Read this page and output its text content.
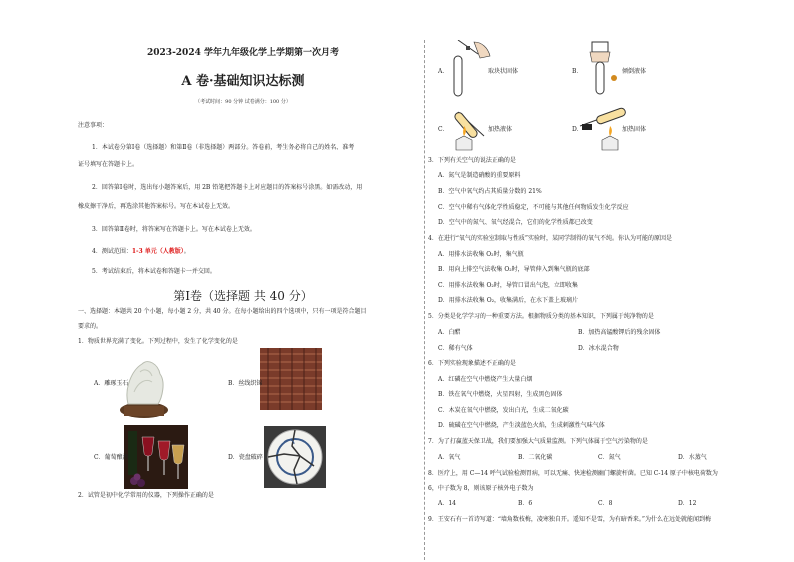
2023-2024 学年九年级化学上学期第一次月考
A 卷·基础知识达标测
（考试时间：90 分钟 试卷满分：100 分）
注意事项：
1．本试卷分第Ⅰ卷（选择题）和第Ⅱ卷（非选择题）两部分。答卷前，考生务必将自己的姓名、准考
证号填写在答题卡上。
2．回答第Ⅰ卷时，选出每小题答案后，用 2B 铅笔把答题卡上对应题目的答案标号涂黑。如需改动，用
橡皮擦干净后，再选涂其他答案标号。写在本试卷上无效。
3．回答第Ⅱ卷时，将答案写在答题卡上。写在本试卷上无效。
4．测试范围：1-3 单元（人教版）。
5．考试结束后，将本试卷和答题卡一并交回。
第Ⅰ卷（选择题 共 40 分）
一、选择题：本题共 20 个小题，每小题 2 分，共 40 分。在每小题给出的四个选项中，只有一项是符合题目
要求的。
1．物质世界充满了变化。下列过程中，发生了化学变化的是
A．雕琢玉石	B．丝线织锦
C．葡萄酿酒	D．瓷盘破碎
2．试管是初中化学常用的仪器，下列操作正确的是
A．	取块状固体	B．	倾倒液体
C．	加热液体	D．	加热固体
3．下列有关空气的说法正确的是
A．氮气是制造硝酸的重要原料
B．空气中氧气约占其质量分数的 21%
C．空气中稀有气体化学性质稳定，不可能与其他任何物质发生化学反应
D．空气中的氮气、氧气经混合，它们的化学性质都已改变
4．在进行“氧气的实验室制取与性质”实验时，某同学制得的氧气不纯。你认为可能的原因是
A．用排水法收集 O₂时，集气瓶
B．用向上排空气法收集 O₂时，导管伸入到集气瓶的底部
C．用排水法收集 O₂时，导管口冒出气泡，立即收集
D．用排水法收集 O₂，收集满后，在水下盖上玻璃片
5．分类是化学学习的一种重要方法。根据物质分类的基本知识，下列属于纯净物的是
A．白醋	B．加热高锰酸钾后的残余固体
C．稀有气体	D．冰水混合物
6．下列实验现象描述不正确的是
A．红磷在空气中燃烧产生大量白烟
B．铁在氧气中燃烧，火星四射，生成黑色固体
C．木炭在氧气中燃烧，发出白光，生成二氧化碳
D．硫磺在空气中燃烧，产生淡蓝色火焰，生成刺激性气味气体
7．为了打赢蓝天保卫战，我们要加强大气质量监测。下列气体属于空气污染物的是
A．氧气	B．二氧化碳	C．氮气	D．水蒸气
8．医疗上，用 C—14 呼气试验检测胃病，可以无痛、快速检测幽门螺旋杆菌。已知 C-14 原子中核电荷数为
6，中子数为 8，则该原子核外电子数为
A．14	B．6	C．8	D．12
9．王安石有一首诗写道：“墙角数枝梅，凌寒独自开。遥知不是雪，为有暗香来。”为什么在远处就能闻到梅
